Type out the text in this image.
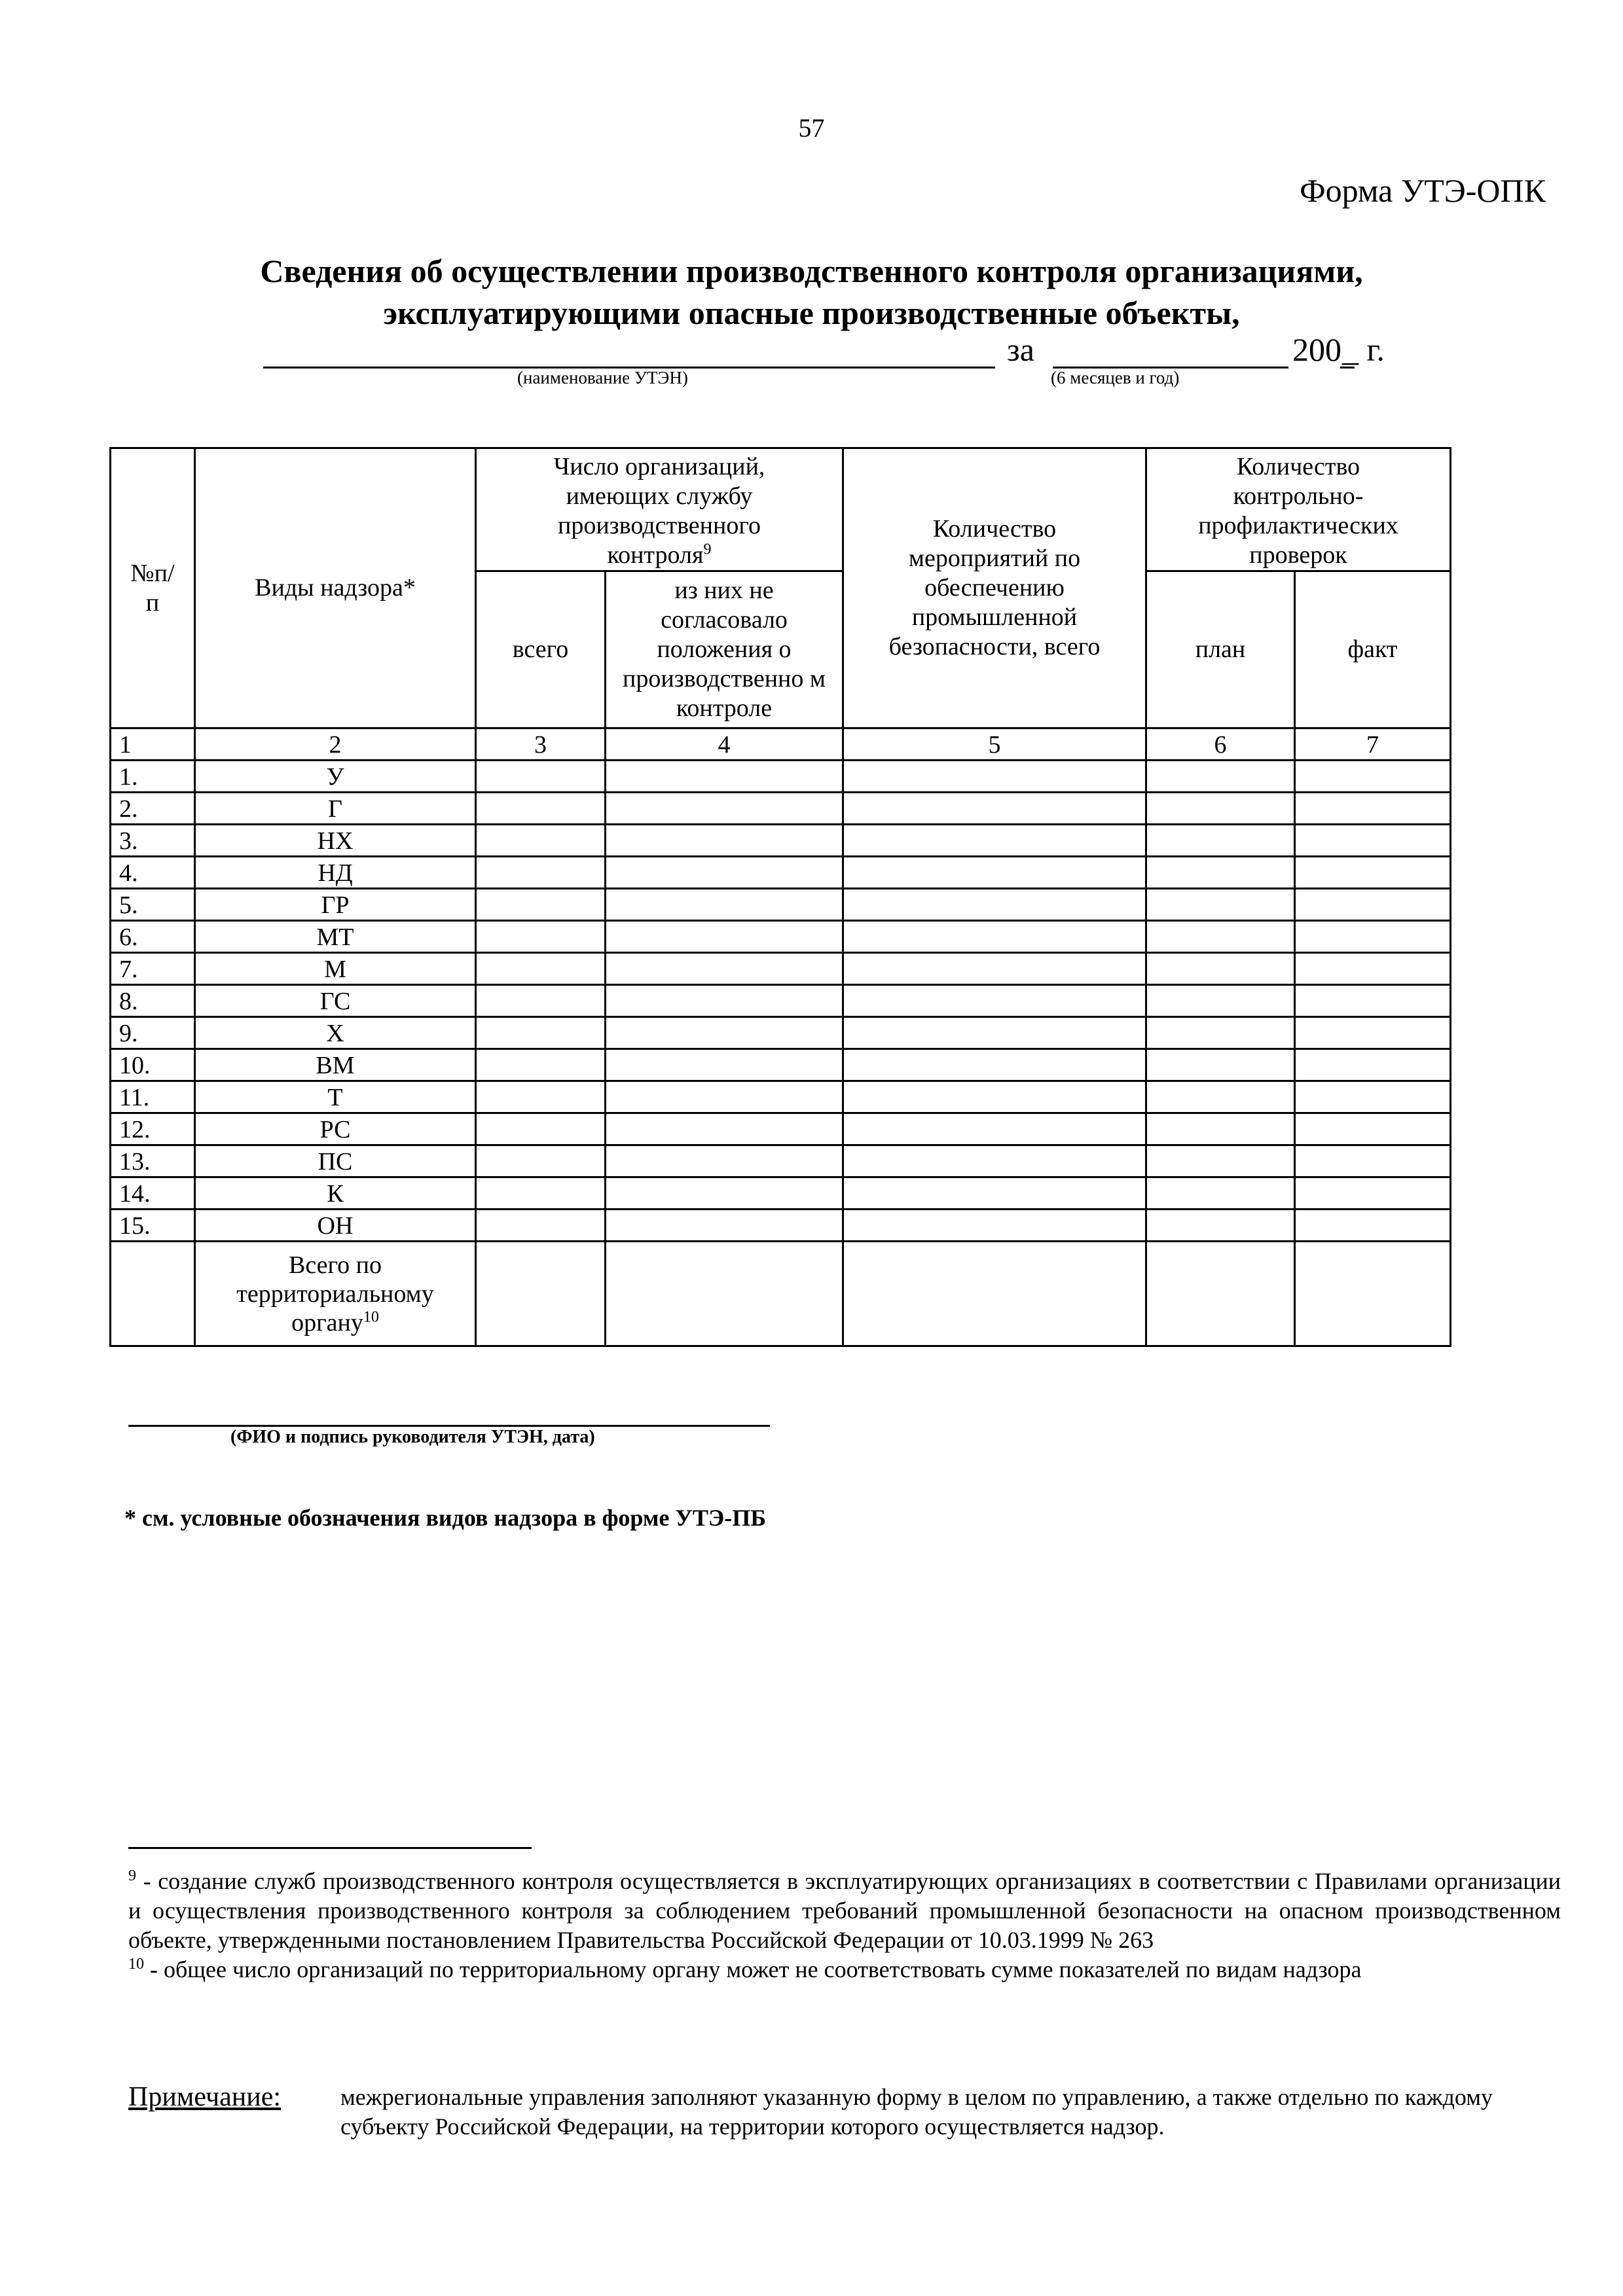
57
Форма УТЭ-ОПК
Сведения об осуществлении производственного контроля организациями,
эксплуатирующими опасные производственные объекты,
за	200 _ г.
(наименование УТЭН)	(6 месяцев и год)
№п/п	Виды надзора*	Число организаций, имеющих службу производственного контроля$^9$		Количество мероприятий по обеспечению промышленной безопасности, всего	Количество контрольно-профилактических проверок	
		всего	из них не согласовало положения о производственно м контроле		план	факт
1	2	3	4	5	6	7
1.	У					
2.	Г					
3.	НХ					
4.	НД					
5.	ГР					
6.	МТ					
7.	М					
8.	ГС					
9.	Х					
10.	ВМ					
11.	Т					
12.	РС					
13.	ПС					
14.	К					
15.	ОН					
	Всего по территориальному органу$^{10}$					
(ФИО и подпись руководителя УТЭН, дата)
* см. условные обозначения видов надзора в форме УТЭ-ПБ
$^9$ - создание служб производственного контроля осуществляется в эксплуатирующих организациях в соответствии с Правилами организации и осуществления производственного контроля за соблюдением требований промышленной безопасности на опасном производственном объекте, утвержденными постановлением Правительства Российской Федерации от 10.03.1999 № 263
$^{10}$ - общее число организаций по территориальному органу может не соответствовать сумме показателей по видам надзора
Примечание:	межрегиональные управления заполняют указанную форму в целом по управлению, а также отдельно по каждому субъекту Российской Федерации, на территории которого осуществляется надзор.
